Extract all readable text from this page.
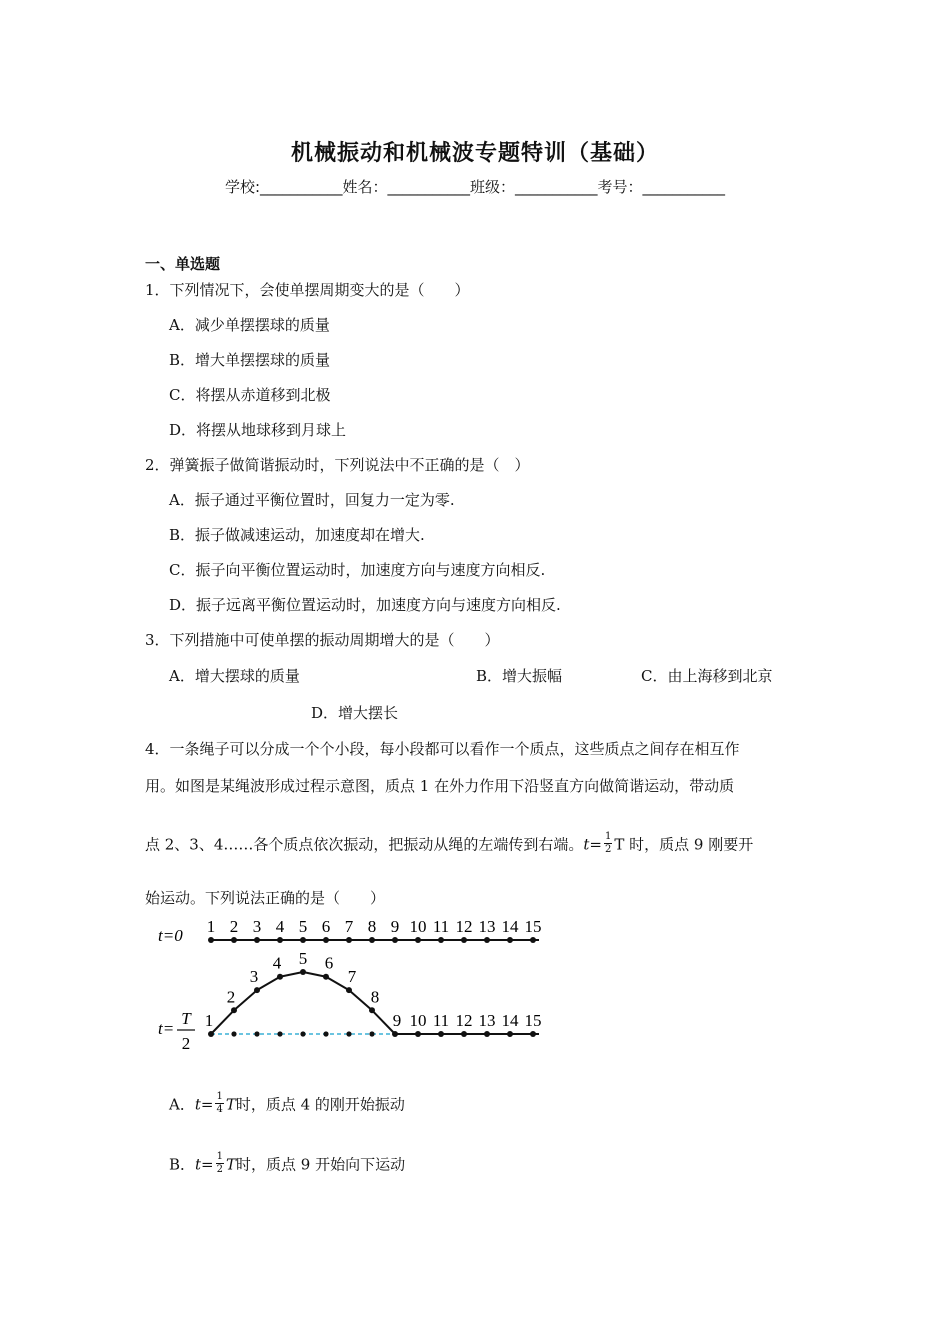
机械振动和机械波专题特训（基础）
学校:___________姓名：___________班级：___________考号：___________
一、单选题
1．下列情况下，会使单摆周期变大的是（　　）
A．减少单摆摆球的质量
B．增大单摆摆球的质量
C．将摆从赤道移到北极
D．将摆从地球移到月球上
2．弹簧振子做简谐振动时，下列说法中不正确的是（　）
A．振子通过平衡位置时，回复力一定为零.
B．振子做减速运动，加速度却在增大.
C．振子向平衡位置运动时，加速度方向与速度方向相反.
D．振子远离平衡位置运动时，加速度方向与速度方向相反.
3．下列措施中可使单摆的振动周期增大的是（　　）
A．增大摆球的质量	B．增大振幅	C．由上海移到北京
D．增大摆长
4．一条绳子可以分成一个个小段，每小段都可以看作一个质点，这些质点之间存在相互作
用。如图是某绳波形成过程示意图，质点 1 在外力作用下沿竖直方向做简谐运动，带动质
点 2、3、4……各个质点依次振动，把振动从绳的左端传到右端。$t= \frac{1}{2}$ T 时，质点 9 刚要开
始运动。下列说法正确的是（　　）
t=0
t=
T
2
1 2 3 4 5 6 7 8 9 10 11 12 13 14 15
1
2
3
4 5 6
7
8
9 10 11 12 13 14 15
A．$t= \frac{1}{4}$ T时，质点 4 的刚开始振动
B．$t= \frac{1}{2}$ T时，质点 9 开始向下运动
